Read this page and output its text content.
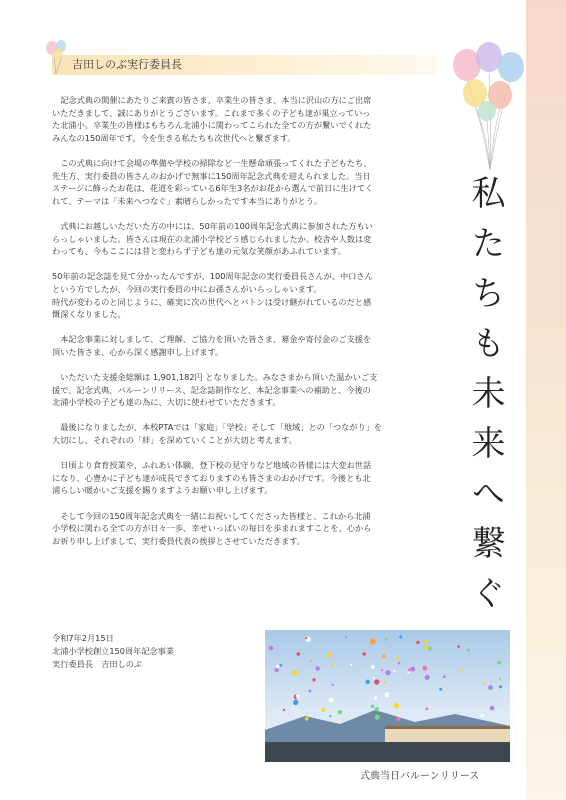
吉田しのぶ実行委員長

記念式典の開催にあたりご来賓の皆さま、卒業生の皆さま、本当に沢山の方にご出席
いただきまして、誠にありがとうございます。これまで多くの子ども達が巣立っていっ
た北浦小。卒業生の皆様はもちろん北浦小に関わってこられた全ての方が繋いでくれた
みんなの150周年です。今を生きる私たちも次世代へと繋ぎます。

この式典に向けて会場の準備や学校の掃除など一生懸命頑張ってくれた子どもたち、
先生方、実行委員の皆さんのおかげで無事に150周年記念式典を迎えられました。当日
ステージに飾ったお花は、花道を彩っている6年生3名がお花から選んで前日に生けてく
れて、テーマは「未来へつなぐ」素晴らしかったです本当にありがとう。

式典にお越しいただいた方の中には、50年前の100周年記念式典に参加された方もい
らっしゃいました。皆さんは現在の北浦小学校どう感じられましたか。校舎や人数は変
わっても、今もここには昔と変わらず子ども達の元気な笑顔があふれています。

50年前の記念誌を見て分かったんですが、100周年記念の実行委員長さんが、中口さん
という方でしたが、今回の実行委員の中にお孫さんがいらっしゃいます。
時代が変わるのと同じように、確実に次の世代へとバトンは受け継がれているのだと感
慨深くなりました。

本記念事業に対しまして、ご理解、ご協力を頂いた皆さま、募金や寄付金のご支援を
頂いた皆さま、心から深く感謝申し上げます。

いただいた支援金総額は 1,901,182円 となりました。みなさまから頂いた温かいご支
援で、記念式典、バルーンリリース、記念誌制作など、本記念事業への補助と、今後の
北浦小学校の子ども達の為に、大切に使わせていただきます。

最後になりましたが、本校PTAでは「家庭」「学校」そして「地域」との「つながり」を
大切にし、それぞれの「絆」を深めていくことが大切と考えます。

日頃より食育授業や、ふれあい体験、登下校の見守りなど地域の皆様には大変お世話
になり、心豊かに子ども達が成長できておりますのも皆さまのおかげです。今後とも北
浦らしい暖かいご支援を賜りますようお願い申し上げます。

そして今回の150周年記念式典を一緒にお祝いしてくださった皆様と、これから北浦
小学校に関わる全ての方が日々一歩、幸せいっぱいの毎日を歩まれますことを、心から
お祈り申し上げまして、実行委員代表の挨拶とさせていただきます。	私たちも未来へ繋ぐ
令和7年2月15日
北浦小学校創立150周年記念事業
実行委員長　吉田しのぶ
式典当日バルーンリリース
